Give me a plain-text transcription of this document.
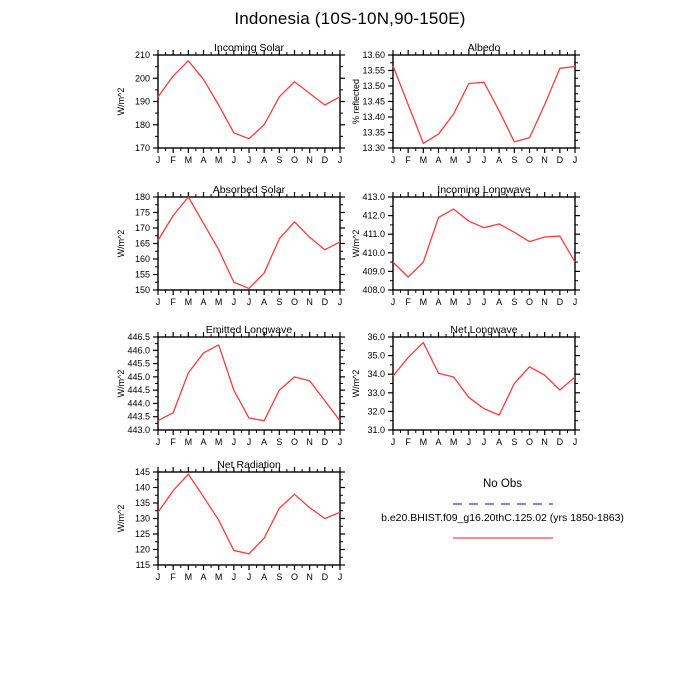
Indonesia (10S-10N,90-150E)
J F M A M J J A S O N D J
170
180
190
200
210
Incoming Solar
W/m^2
J F M A M J J A S O N D J
13.30
13.35
13.40
13.45
13.50
13.55
13.60
Albedo
% reflected
J F M A M J J A S O N D J
150
155
160
165
170
175
180
Absorbed Solar
W/m^2
J F M A M J J A S O N D J
408.0
409.0
410.0
411.0
412.0
413.0
Incoming Longwave
W/m^2
J F M A M J J A S O N D J
443.0
443.5
444.0
444.5
445.0
445.5
446.0
446.5
Emitted Longwave
W/m^2
J F M A M J J A S O N D J
31.0
32.0
33.0
34.0
35.0
36.0
Net Longwave
W/m^2
J F M A M J J A S O N D J
115
120
125
130
135
140
145
Net Radiation
W/m^2
No Obs
b.e20.BHIST.f09_g16.20thC.125.02 (yrs 1850-1863)
